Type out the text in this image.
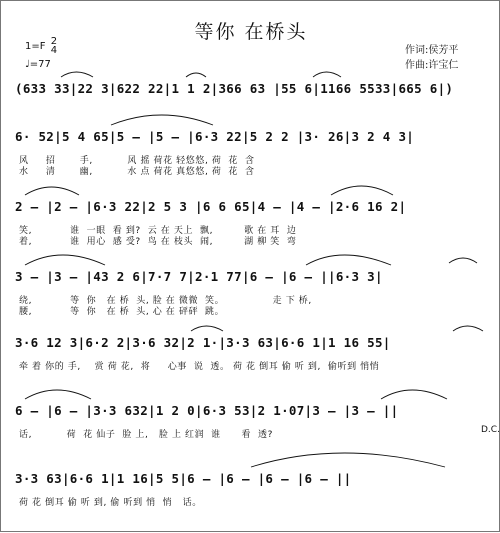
等你 在桥头
1=F 2
4
♩=77
作词:侯芳平
作曲:许宝仁
(633 33|22 3|622 22|1 1 2|366 63 |55 6|1166 5533|665 6|)
6· 52|5 4 65|5 — |5 — |6·3 22|5 2 2 |3· 26|3 2 4 3|
风     招       手,          风 摇 荷花 轻悠悠, 荷  花  含
水     清       幽,          水 点 荷花 真悠悠, 荷  花  含
2 — |2 — |6·3 22|2 5 3 |6 6 65|4 — |4 — |2·6 16 2|
笑,           谁  一眼  看 到?  云 在 天上  飘,         歌 在 耳  边
着,           谁  用心  感 受?  鸟 在 枝头  闹,         湖 柳 笑  弯
3 — |3 — |43 2 6|7·7 7|2·1 77|6 — |6 — ||6·3 3|
绕,           等  你   在 桥  头, 脸 在 微微  笑。              走 下 桥,
腰,           等  你   在 桥  头, 心 在 砰砰  跳。
3·6 12 3|6·2 2|3·6 32|2 1·|3·3 63|6·6 1|1 16 55|
牵 着 你的 手,    赏 荷 花,  将     心事  说  透。 荷 花 倒耳 偷 听 到,  偷听到 悄悄
6 — |6 — |3·3 632|1 2 0|6·3 53|2 1·07|3 — |3 — ||
话,          荷  花 仙子  脸 上,   脸 上 红润  谁      看  透?	D.C.
3·3 63|6·6 1|1 16|5 5|6 — |6 — |6 — |6 — ||
荷 花 倒耳 偷 听 到, 偷 听到 悄  悄   话。
